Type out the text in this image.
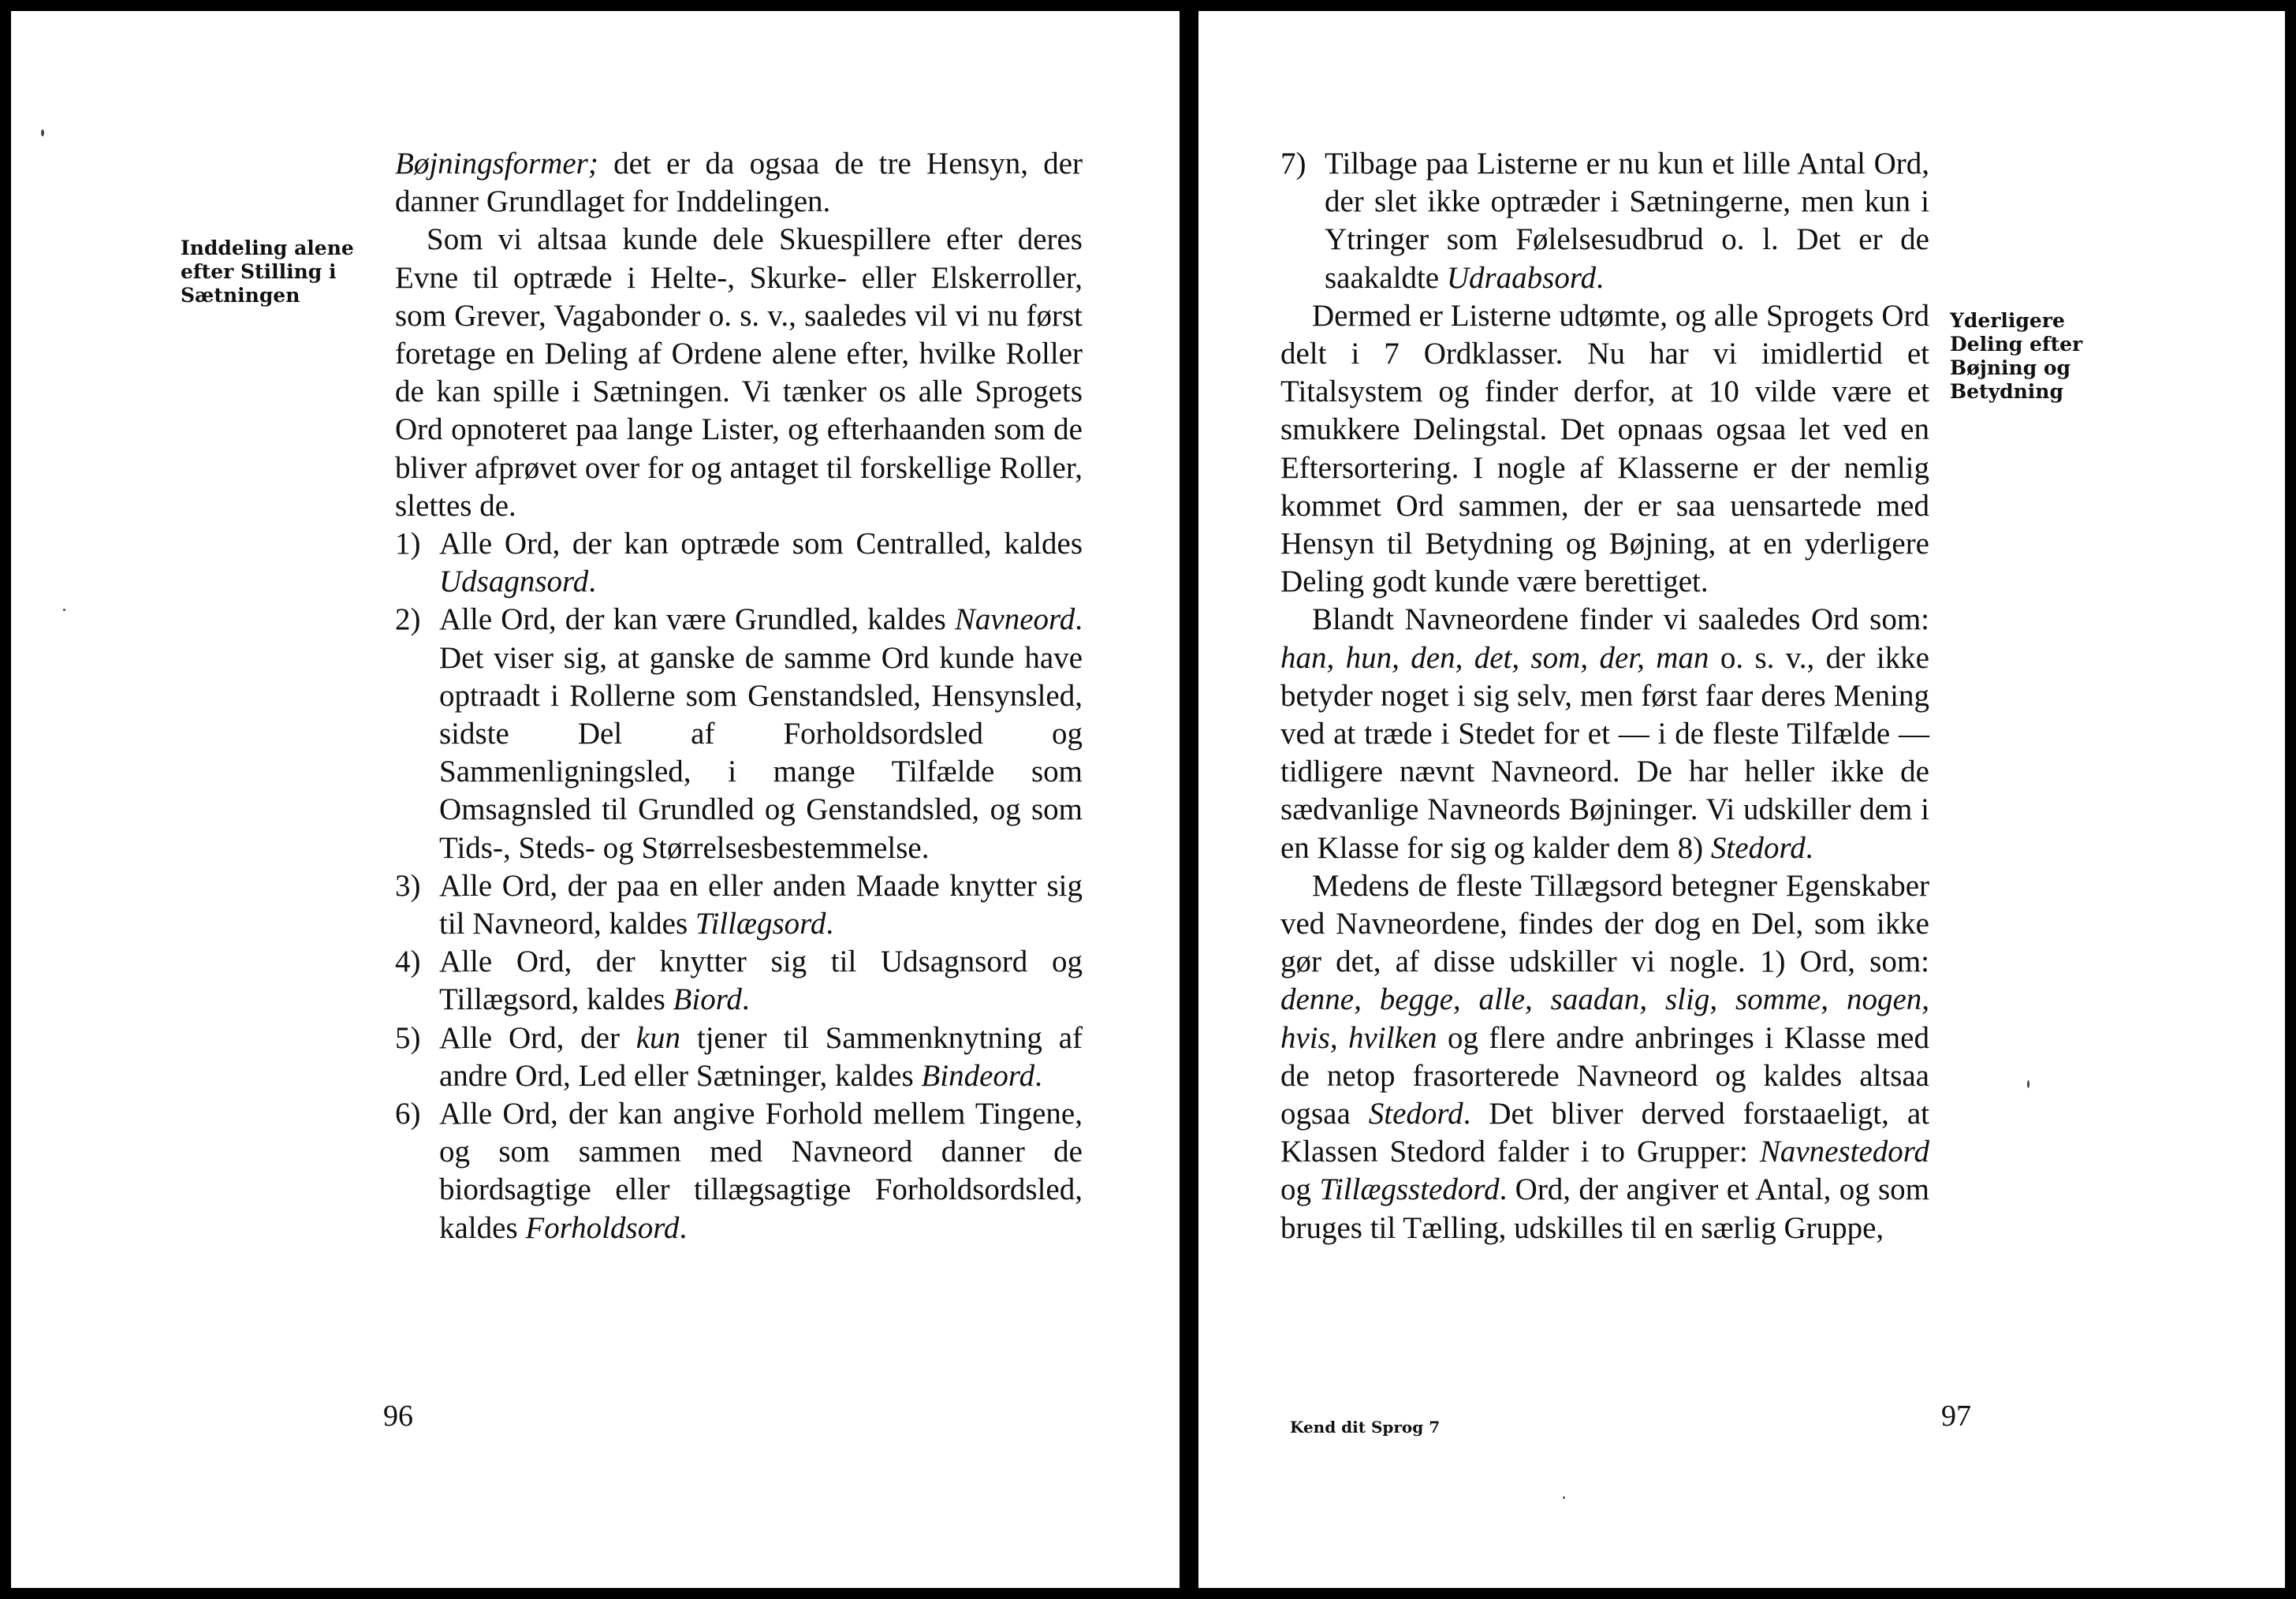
Inddeling alene efter Stilling i Sætningen

Bøjningsformer; det er da ogsaa de tre Hensyn, der danner Grundlaget for Inddelingen.

Som vi altsaa kunde dele Skuespillere efter deres Evne til optræde i Helte-, Skurke- eller Elskerroller, som Grever, Vagabonder o. s. v., saaledes vil vi nu først foretage en Deling af Ordene alene efter, hvilke Roller de kan spille i Sætningen. Vi tænker os alle Sprogets Ord opnoteret paa lange Lister, og efterhaanden som de bliver afprøvet over for og antaget til forskellige Roller, slettes de.

1) Alle Ord, der kan optræde som Centralled, kaldes Udsagnsord.
2) Alle Ord, der kan være Grundled, kaldes Navneord. Det viser sig, at ganske de samme Ord kunde have optraadt i Rollerne som Genstandsled, Hensynsled, sidste Del af Forholdsordsled og Sammenligningsled, i mange Tilfælde som Omsagnsled til Grundled og Genstandsled, og som Tids-, Steds- og Størrelsesbestemmelse.
3) Alle Ord, der paa en eller anden Maade knytter sig til Navneord, kaldes Tillægsord.
4) Alle Ord, der knytter sig til Udsagnsord og Tillægsord, kaldes Biord.
5) Alle Ord, der kun tjener til Sammenknytning af andre Ord, Led eller Sætninger, kaldes Bindeord.
6) Alle Ord, der kan angive Forhold mellem Tingene, og som sammen med Navneord danner de biordsagtige eller tillægsagtige Forholdsordsled, kaldes Forholdsord.
96
Yderligere Deling efter Bøjning og Betydning
7) Tilbage paa Listerne er nu kun et lille Antal Ord, der slet ikke optræder i Sætningerne, men kun i Ytringer som Følelsesudbrud o. l. Det er de saakaldte Udraabsord.

Dermed er Listerne udtømte, og alle Sprogets Ord delt i 7 Ordklasser. Nu har vi imidlertid et Titalsystem og finder derfor, at 10 vilde være et smukkere Delingstal. Det opnaas ogsaa let ved en Eftersortering. I nogle af Klasserne er der nemlig kommet Ord sammen, der er saa uensartede med Hensyn til Betydning og Bøjning, at en yderligere Deling godt kunde være berettiget.

Blandt Navneordene finder vi saaledes Ord som: han, hun, den, det, som, der, man o. s. v., der ikke betyder noget i sig selv, men først faar deres Mening ved at træde i Stedet for et — i de fleste Tilfælde — tidligere nævnt Navneord. De har heller ikke de sædvanlige Navneords Bøjninger. Vi udskiller dem i en Klasse for sig og kalder dem 8) Stedord.

Medens de fleste Tillægsord betegner Egenskaber ved Navneordene, findes der dog en Del, som ikke gør det, af disse udskiller vi nogle. 1) Ord, som: denne, begge, alle, saadan, slig, somme, nogen, hvis, hvilken og flere andre anbringes i Klasse med de netop frasorterede Navneord og kaldes altsaa ogsaa Stedord. Det bliver derved forstaaeligt, at Klassen Stedord falder i to Grupper: Navnestedord og Tillægsstedord. Ord, der angiver et Antal, og som bruges til Tælling, udskilles til en særlig Gruppe,

Kend dit Sprog 7	97
